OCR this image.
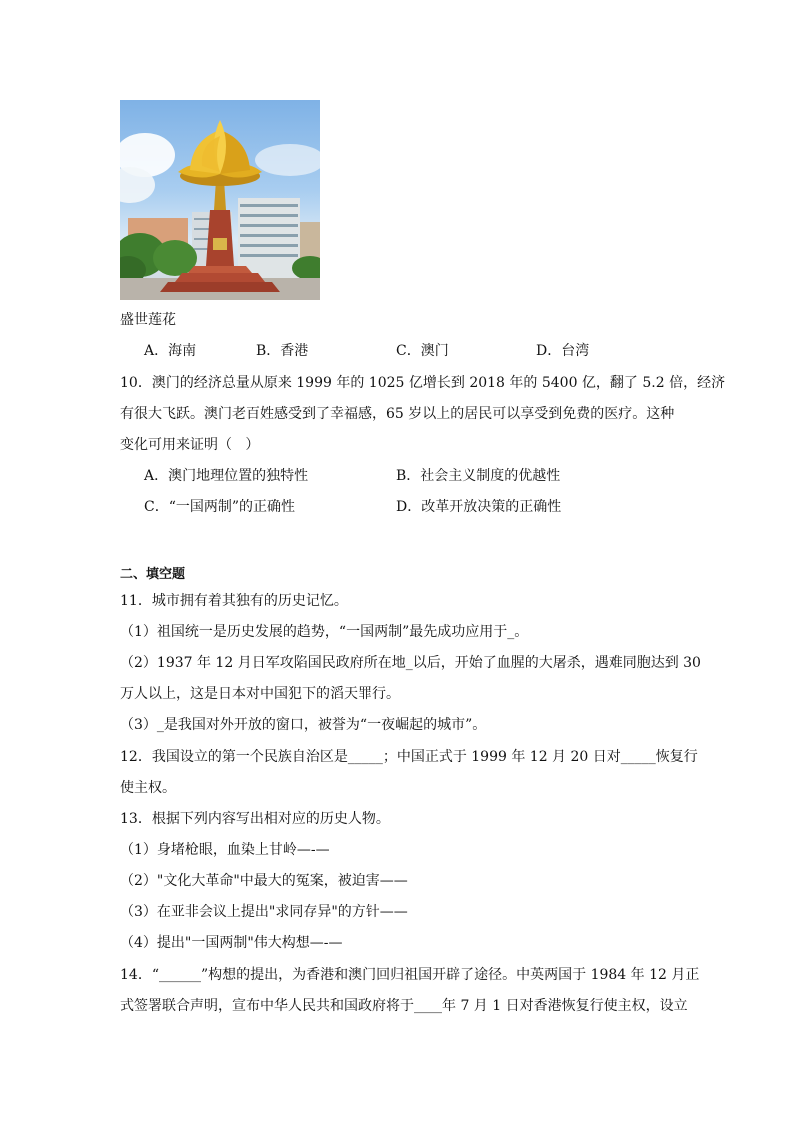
盛世莲花
A．海南	B．香港	C．澳门	D．台湾
10．澳门的经济总量从原来 1999 年的 1025 亿增长到 2018 年的 5400 亿，翻了 5.2 倍，经济
有很大飞跃。澳门老百姓感受到了幸福感，65 岁以上的居民可以享受到免费的医疗。这种
变化可用来证明（   ）
A．澳门地理位置的独特性	B．社会主义制度的优越性
C．“一国两制”的正确性	D．改革开放决策的正确性
二、填空题
11．城市拥有着其独有的历史记忆。
（1）祖国统一是历史发展的趋势，“一国两制”最先成功应用于_。
（2）1937 年 12 月日军攻陷国民政府所在地_以后，开始了血腥的大屠杀，遇难同胞达到 30
万人以上，这是日本对中国犯下的滔天罪行。
（3）_是我国对外开放的窗口，被誉为“一夜崛起的城市”。
12．我国设立的第一个民族自治区是_____；中国正式于 1999 年 12 月 20 日对_____恢复行
使主权。
13．根据下列内容写出相对应的历史人物。
（1）身堵枪眼，血染上甘岭—-—
（2）"文化大革命"中最大的冤案，被迫害——
（3）在亚非会议上提出"求同存异"的方针——
（4）提出"一国两制"伟大构想—-—
14．“______”构想的提出，为香港和澳门回归祖国开辟了途径。中英两国于 1984 年 12 月正
式签署联合声明，宣布中华人民共和国政府将于____年 7 月 1 日对香港恢复行使主权，设立
